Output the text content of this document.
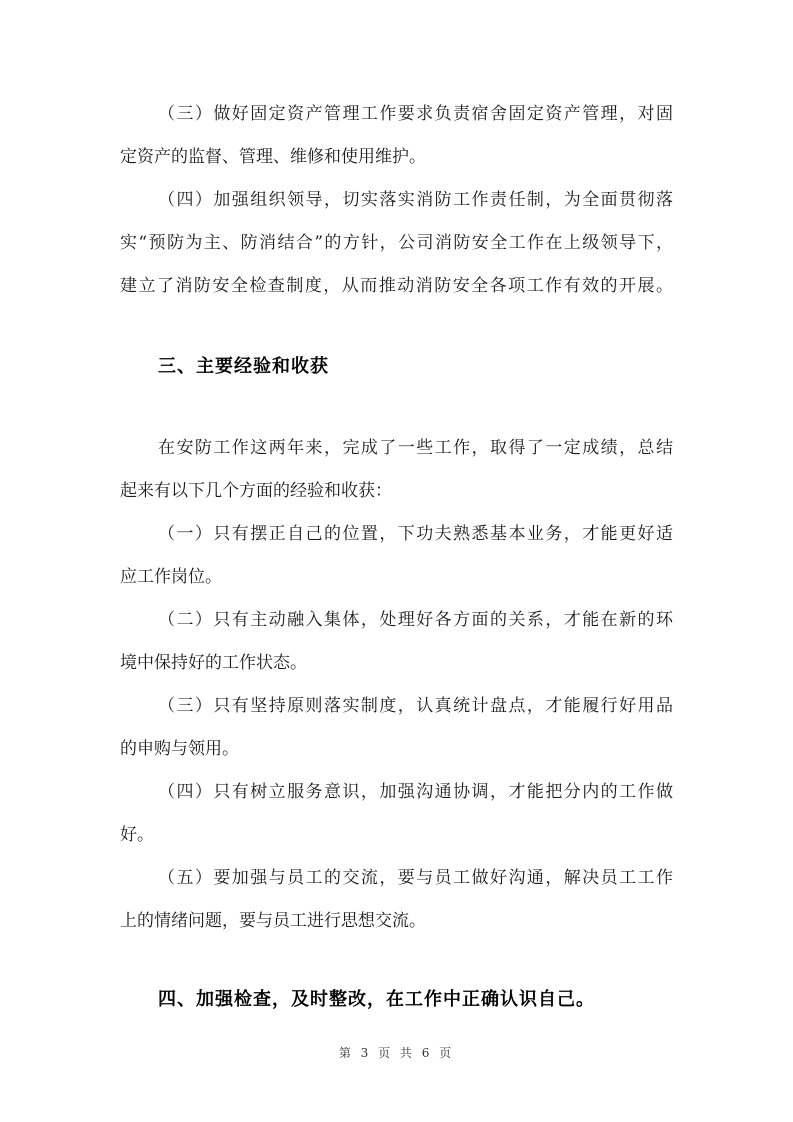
（三）做好固定资产管理工作要求负责宿舍固定资产管理，对固
定资产的监督、管理、维修和使用维护。
（四）加强组织领导，切实落实消防工作责任制，为全面贯彻落
实“预防为主、防消结合”的方针，公司消防安全工作在上级领导下，
建立了消防安全检查制度，从而推动消防安全各项工作有效的开展。
三、主要经验和收获
在安防工作这两年来，完成了一些工作，取得了一定成绩，总结
起来有以下几个方面的经验和收获：
（一）只有摆正自己的位置，下功夫熟悉基本业务，才能更好适
应工作岗位。
（二）只有主动融入集体，处理好各方面的关系，才能在新的环
境中保持好的工作状态。
（三）只有坚持原则落实制度，认真统计盘点，才能履行好用品
的申购与领用。
（四）只有树立服务意识，加强沟通协调，才能把分内的工作做
好。
（五）要加强与员工的交流，要与员工做好沟通，解决员工工作
上的情绪问题，要与员工进行思想交流。
四、加强检查，及时整改，在工作中正确认识自己。
第 3 页 共 6 页
